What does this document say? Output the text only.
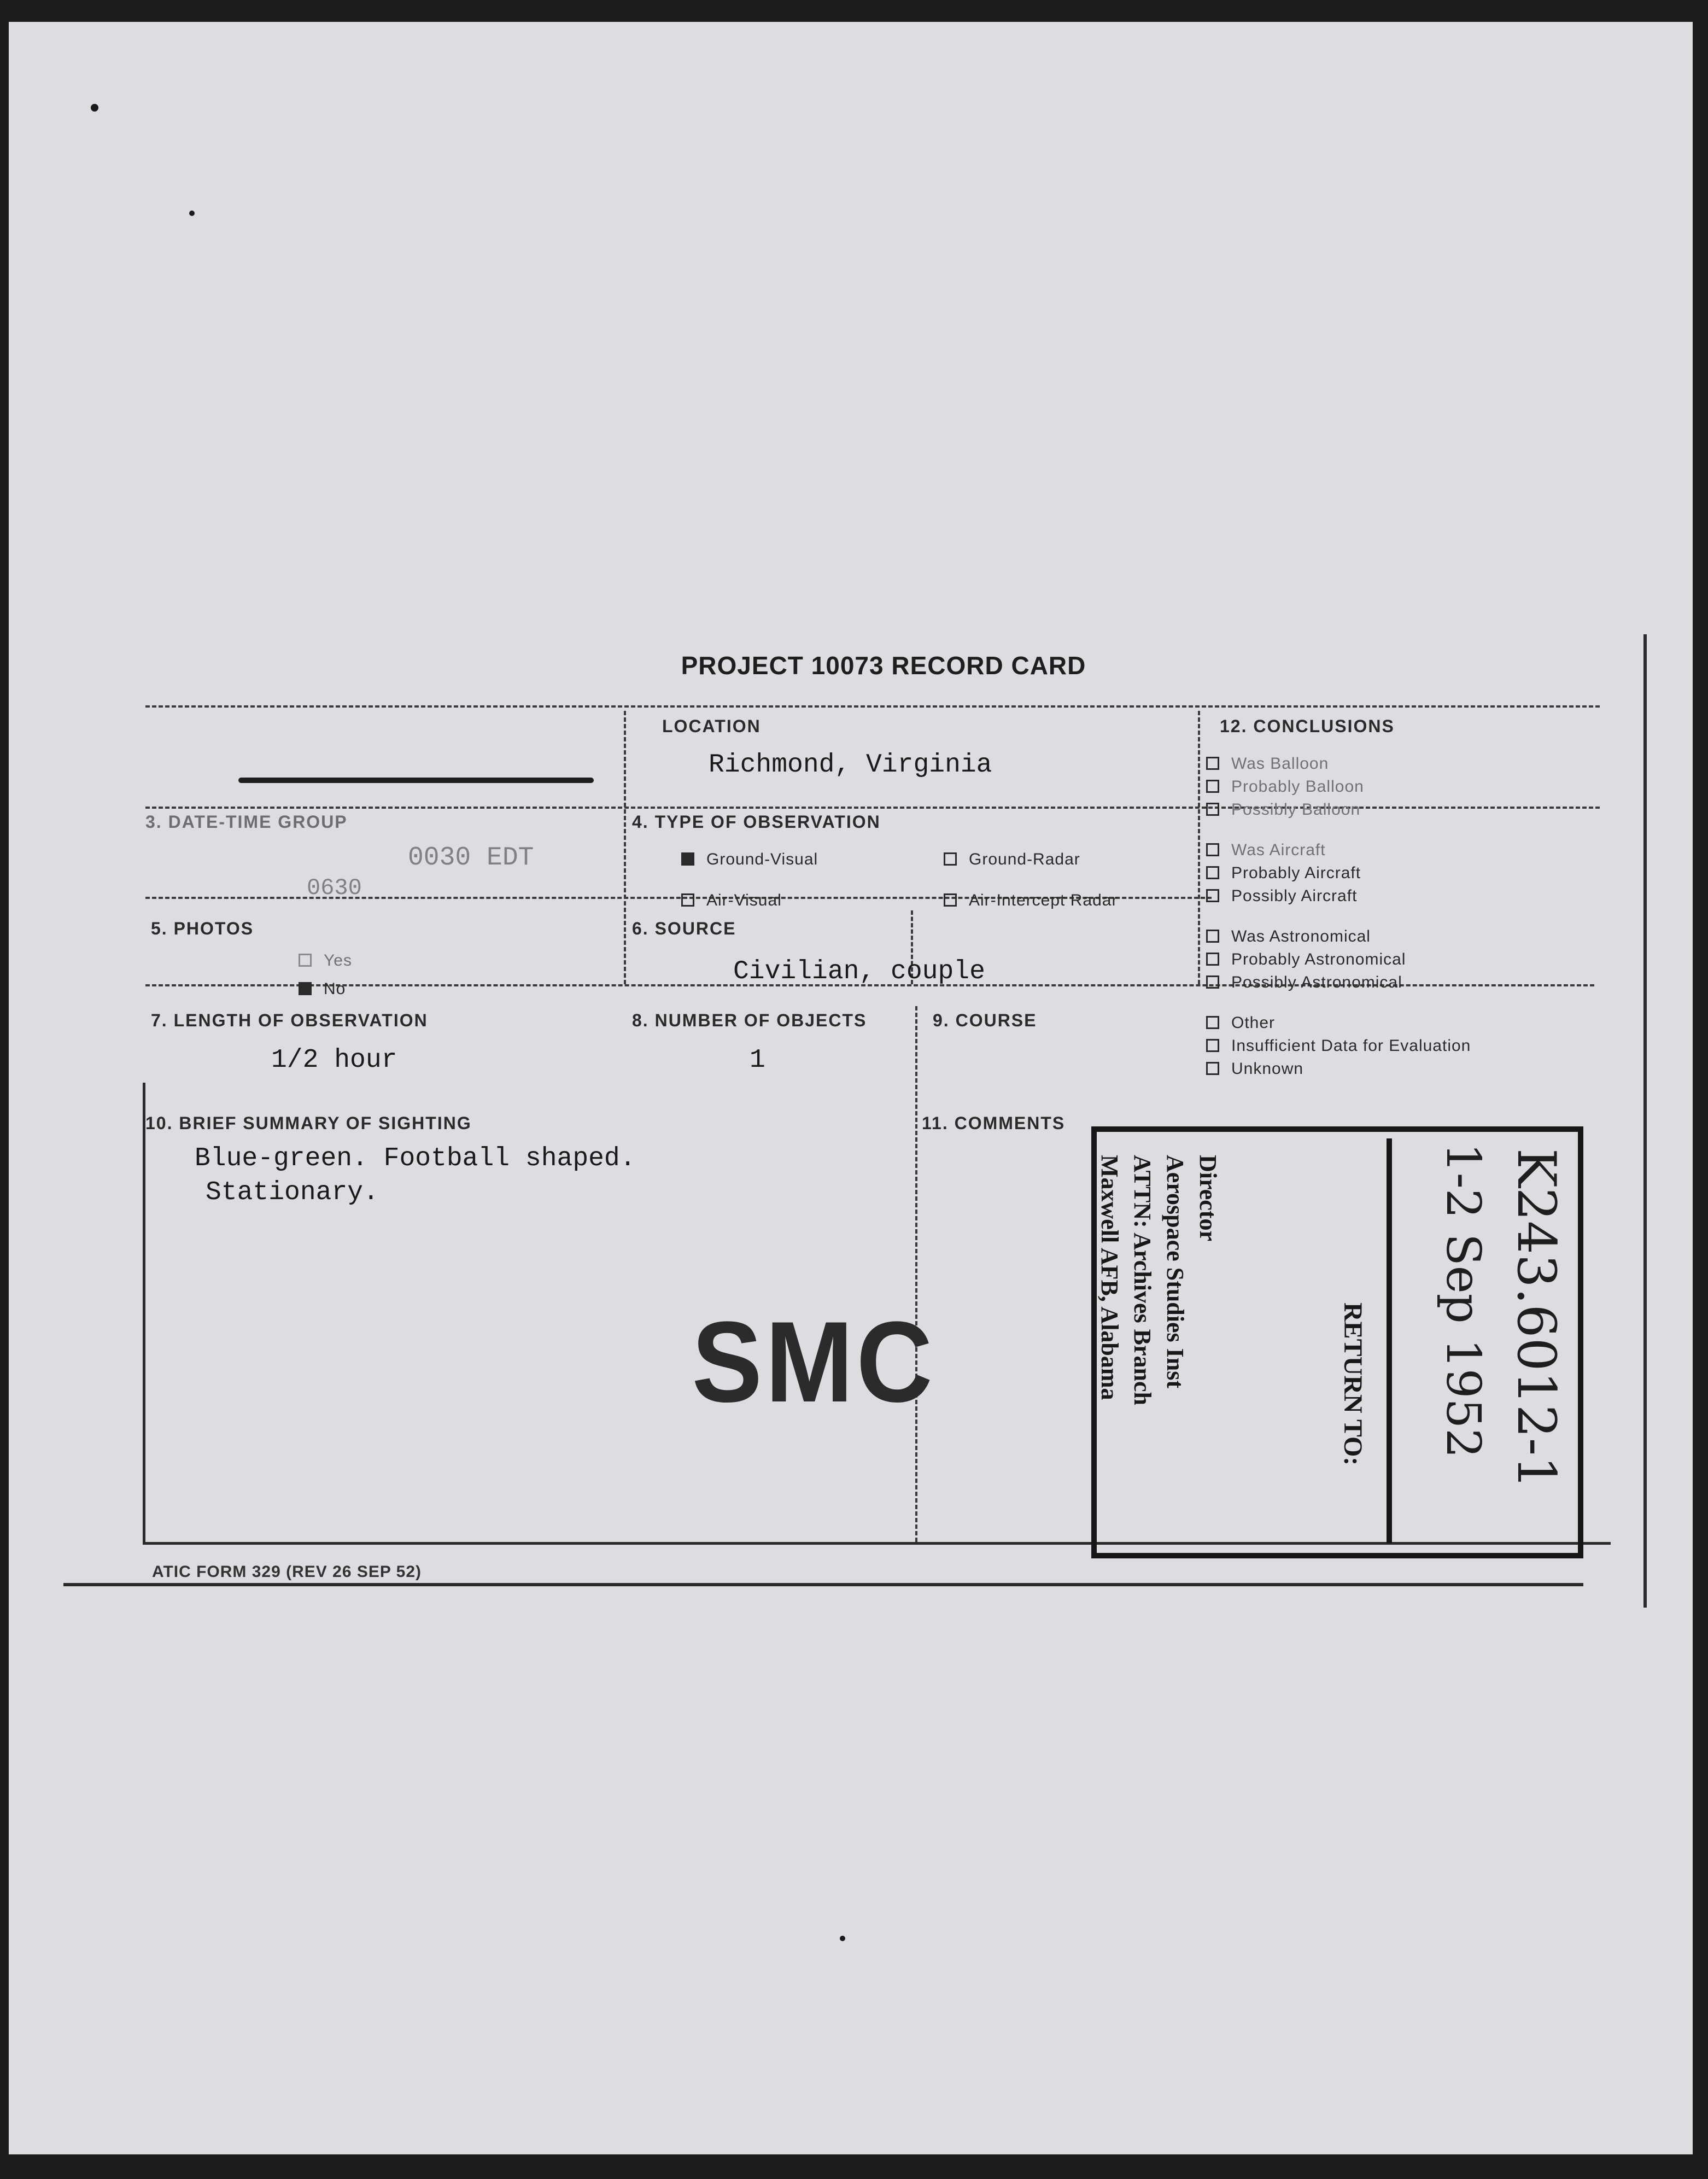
PROJECT 10073 RECORD CARD
LOCATION
Richmond, Virginia
3. DATE-TIME GROUP
0030 EDT
0630
4. TYPE OF OBSERVATION
Ground-Visual	Ground-Radar
Air-Visual	Air-Intercept Radar
5. PHOTOS
Yes
No
6. SOURCE
Civilian, couple
7. LENGTH OF OBSERVATION
1/2 hour
8. NUMBER OF OBJECTS
1
9. COURSE
12. CONCLUSIONS
Was Balloon
Probably Balloon
Possibly Balloon
Was Aircraft
Probably Aircraft
Possibly Aircraft
Was Astronomical
Probably Astronomical
Possibly Astronomical
Other
Insufficient Data for Evaluation
Unknown
10. BRIEF SUMMARY OF SIGHTING
Blue-green. Football shaped.
Stationary.
11. COMMENTS
SMC	RETURN TO:
Director
Aerospace Studies Inst
ATTN: Archives Branch
Maxwell AFB, Alabama	K243.6012-1
1-2 Sep 1952
ATIC FORM 329 (REV 26 SEP 52)
